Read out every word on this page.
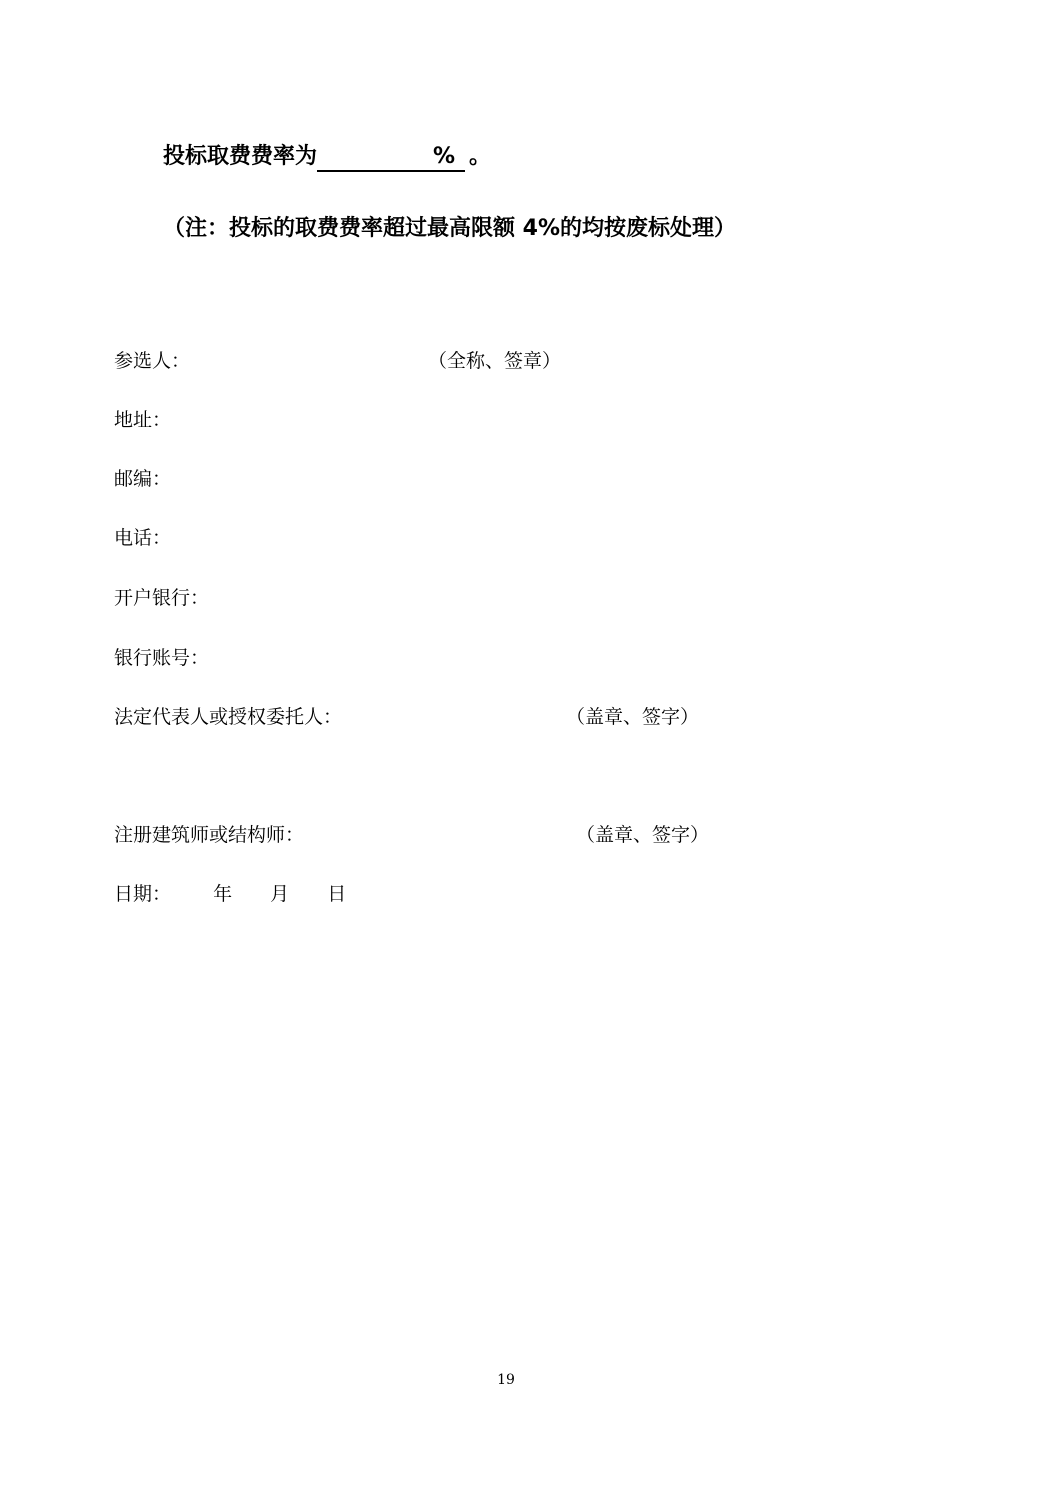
投标取费费率为	% 。
（注：投标的取费费率超过最高限额 4%的均按废标处理）
参选人：	（全称、签章）
地址：
邮编：
电话：
开户银行：
银行账号：
法定代表人或授权委托人：	（盖章、签字）
注册建筑师或结构师：	（盖章、签字）
日期： 年 月 日
19
